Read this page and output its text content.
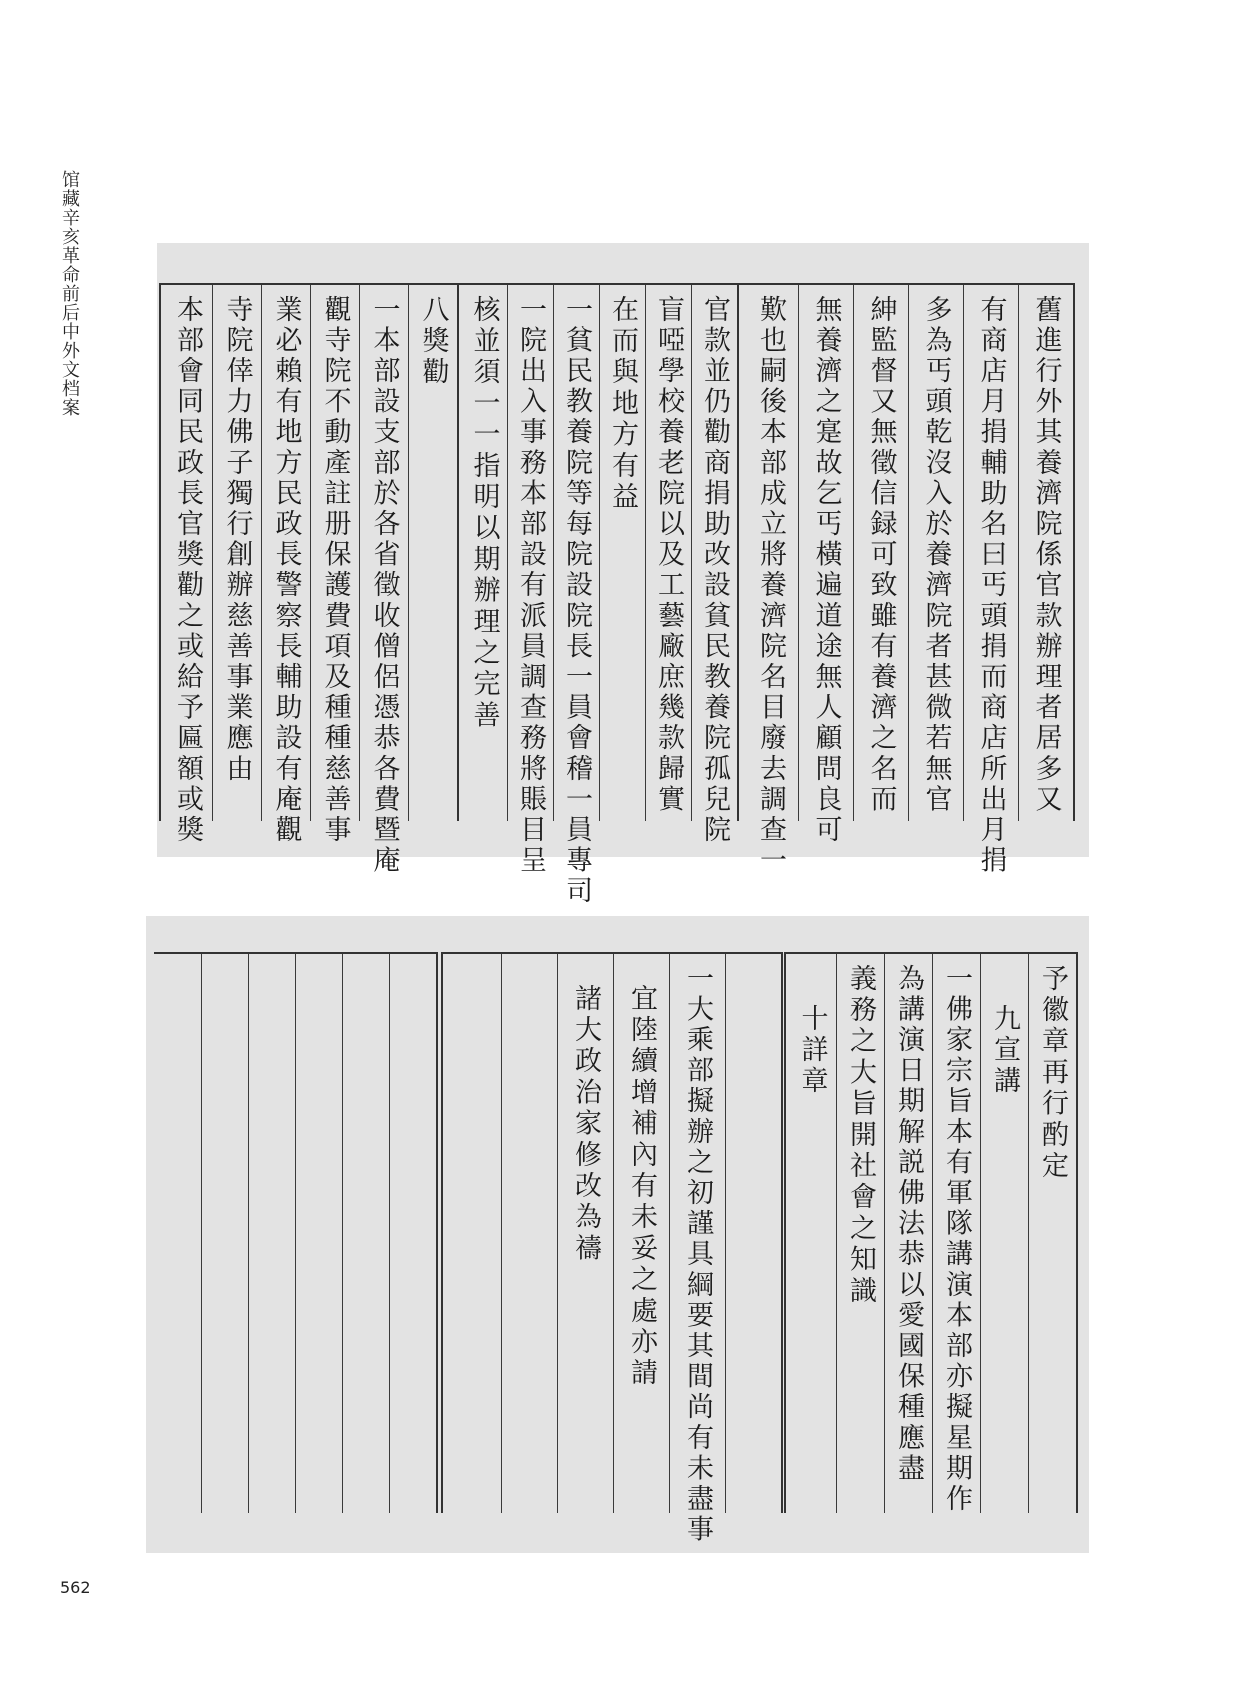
馆藏辛亥革命前后中外文档案
舊進行外其養濟院係官款辦理者居多又
有商店月捐輔助名曰丐頭捐而商店所出月捐
多為丐頭乾沒入於養濟院者甚微若無官
紳監督又無徵信録可致雖有養濟之名而
無養濟之寔故乞丐橫遍道途無人顧問良可
歎也嗣後本部成立將養濟院名目廢去調查一
官款並仍勸商捐助改設貧民教養院孤兒院
盲啞學校養老院以及工藝廠庶幾款歸實
在而與地方有益
一貧民教養院等每院設院長一員會稽一員專司
一院出入事務本部設有派員調查務將賬目呈
核並須一一指明以期辦理之完善
八獎勸
一本部設支部於各省徵收僧侶憑恭各費暨庵
觀寺院不動產註册保護費項及種種慈善事
業必賴有地方民政長警察長輔助設有庵觀
寺院倖力佛子獨行創辦慈善事業應由
本部會同民政長官獎勸之或給予匾額或獎
予徽章再行酌定
九宣講
一佛家宗旨本有軍隊講演本部亦擬星期作
為講演日期解説佛法恭以愛國保種應盡
義務之大旨開社會之知識
十詳章
一大乘部擬辦之初謹具綱要其間尚有未盡事
宜陸續增補內有未妥之處亦請
諸大政治家修改為禱
562
